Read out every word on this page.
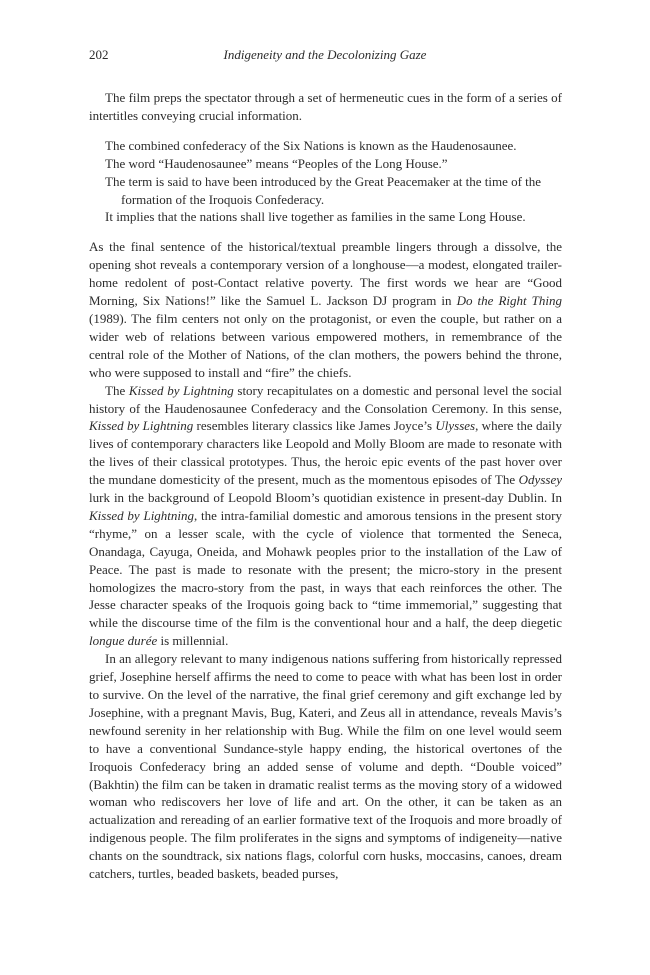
202	Indigeneity and the Decolonizing Gaze

The film preps the spectator through a set of hermeneutic cues in the form of a series of intertitles conveying crucial information.

The combined confederacy of the Six Nations is known as the Haudenosaunee.
The word “Haudenosaunee” means “Peoples of the Long House.”
The term is said to have been introduced by the Great Peacemaker at the time of the formation of the Iroquois Confederacy.
It implies that the nations shall live together as families in the same Long House.

As the final sentence of the historical/textual preamble lingers through a dissolve, the opening shot reveals a contemporary version of a longhouse—a modest, elongated trailer-home redolent of post-Contact relative poverty. The first words we hear are “Good Morning, Six Nations!” like the Samuel L. Jackson DJ program in Do the Right Thing (1989). The film centers not only on the protagonist, or even the couple, but rather on a wider web of relations between various empowered mothers, in remembrance of the central role of the Mother of Nations, of the clan mothers, the powers behind the throne, who were supposed to install and “fire” the chiefs.

The Kissed by Lightning story recapitulates on a domestic and personal level the social history of the Haudenosaunee Confederacy and the Consolation Ceremony. In this sense, Kissed by Lightning resembles literary classics like James Joyce’s Ulysses, where the daily lives of contemporary characters like Leopold and Molly Bloom are made to resonate with the lives of their classical prototypes. Thus, the heroic epic events of the past hover over the mundane domesticity of the present, much as the momentous episodes of The Odyssey lurk in the background of Leopold Bloom’s quotidian existence in present-day Dublin. In Kissed by Lightning, the intra-familial domestic and amorous tensions in the present story “rhyme,” on a lesser scale, with the cycle of violence that tormented the Seneca, Onandaga, Cayuga, Oneida, and Mohawk peoples prior to the installation of the Law of Peace. The past is made to resonate with the present; the micro-story in the present homologizes the macro-story from the past, in ways that each reinforces the other. The Jesse character speaks of the Iroquois going back to “time immemorial,” suggesting that while the discourse time of the film is the conventional hour and a half, the deep diegetic longue durée is millennial.

In an allegory relevant to many indigenous nations suffering from historically repressed grief, Josephine herself affirms the need to come to peace with what has been lost in order to survive. On the level of the narrative, the final grief ceremony and gift exchange led by Josephine, with a pregnant Mavis, Bug, Kateri, and Zeus all in attendance, reveals Mavis’s newfound serenity in her relationship with Bug. While the film on one level would seem to have a conventional Sundance-style happy ending, the historical overtones of the Iroquois Confederacy bring an added sense of volume and depth. “Double voiced” (Bakhtin) the film can be taken in dramatic realist terms as the moving story of a widowed woman who rediscovers her love of life and art. On the other, it can be taken as an actualization and rereading of an earlier formative text of the Iroquois and more broadly of indigenous people. The film proliferates in the signs and symptoms of indigeneity—native chants on the soundtrack, six nations flags, colorful corn husks, moccasins, canoes, dream catchers, turtles, beaded baskets, beaded purses,
